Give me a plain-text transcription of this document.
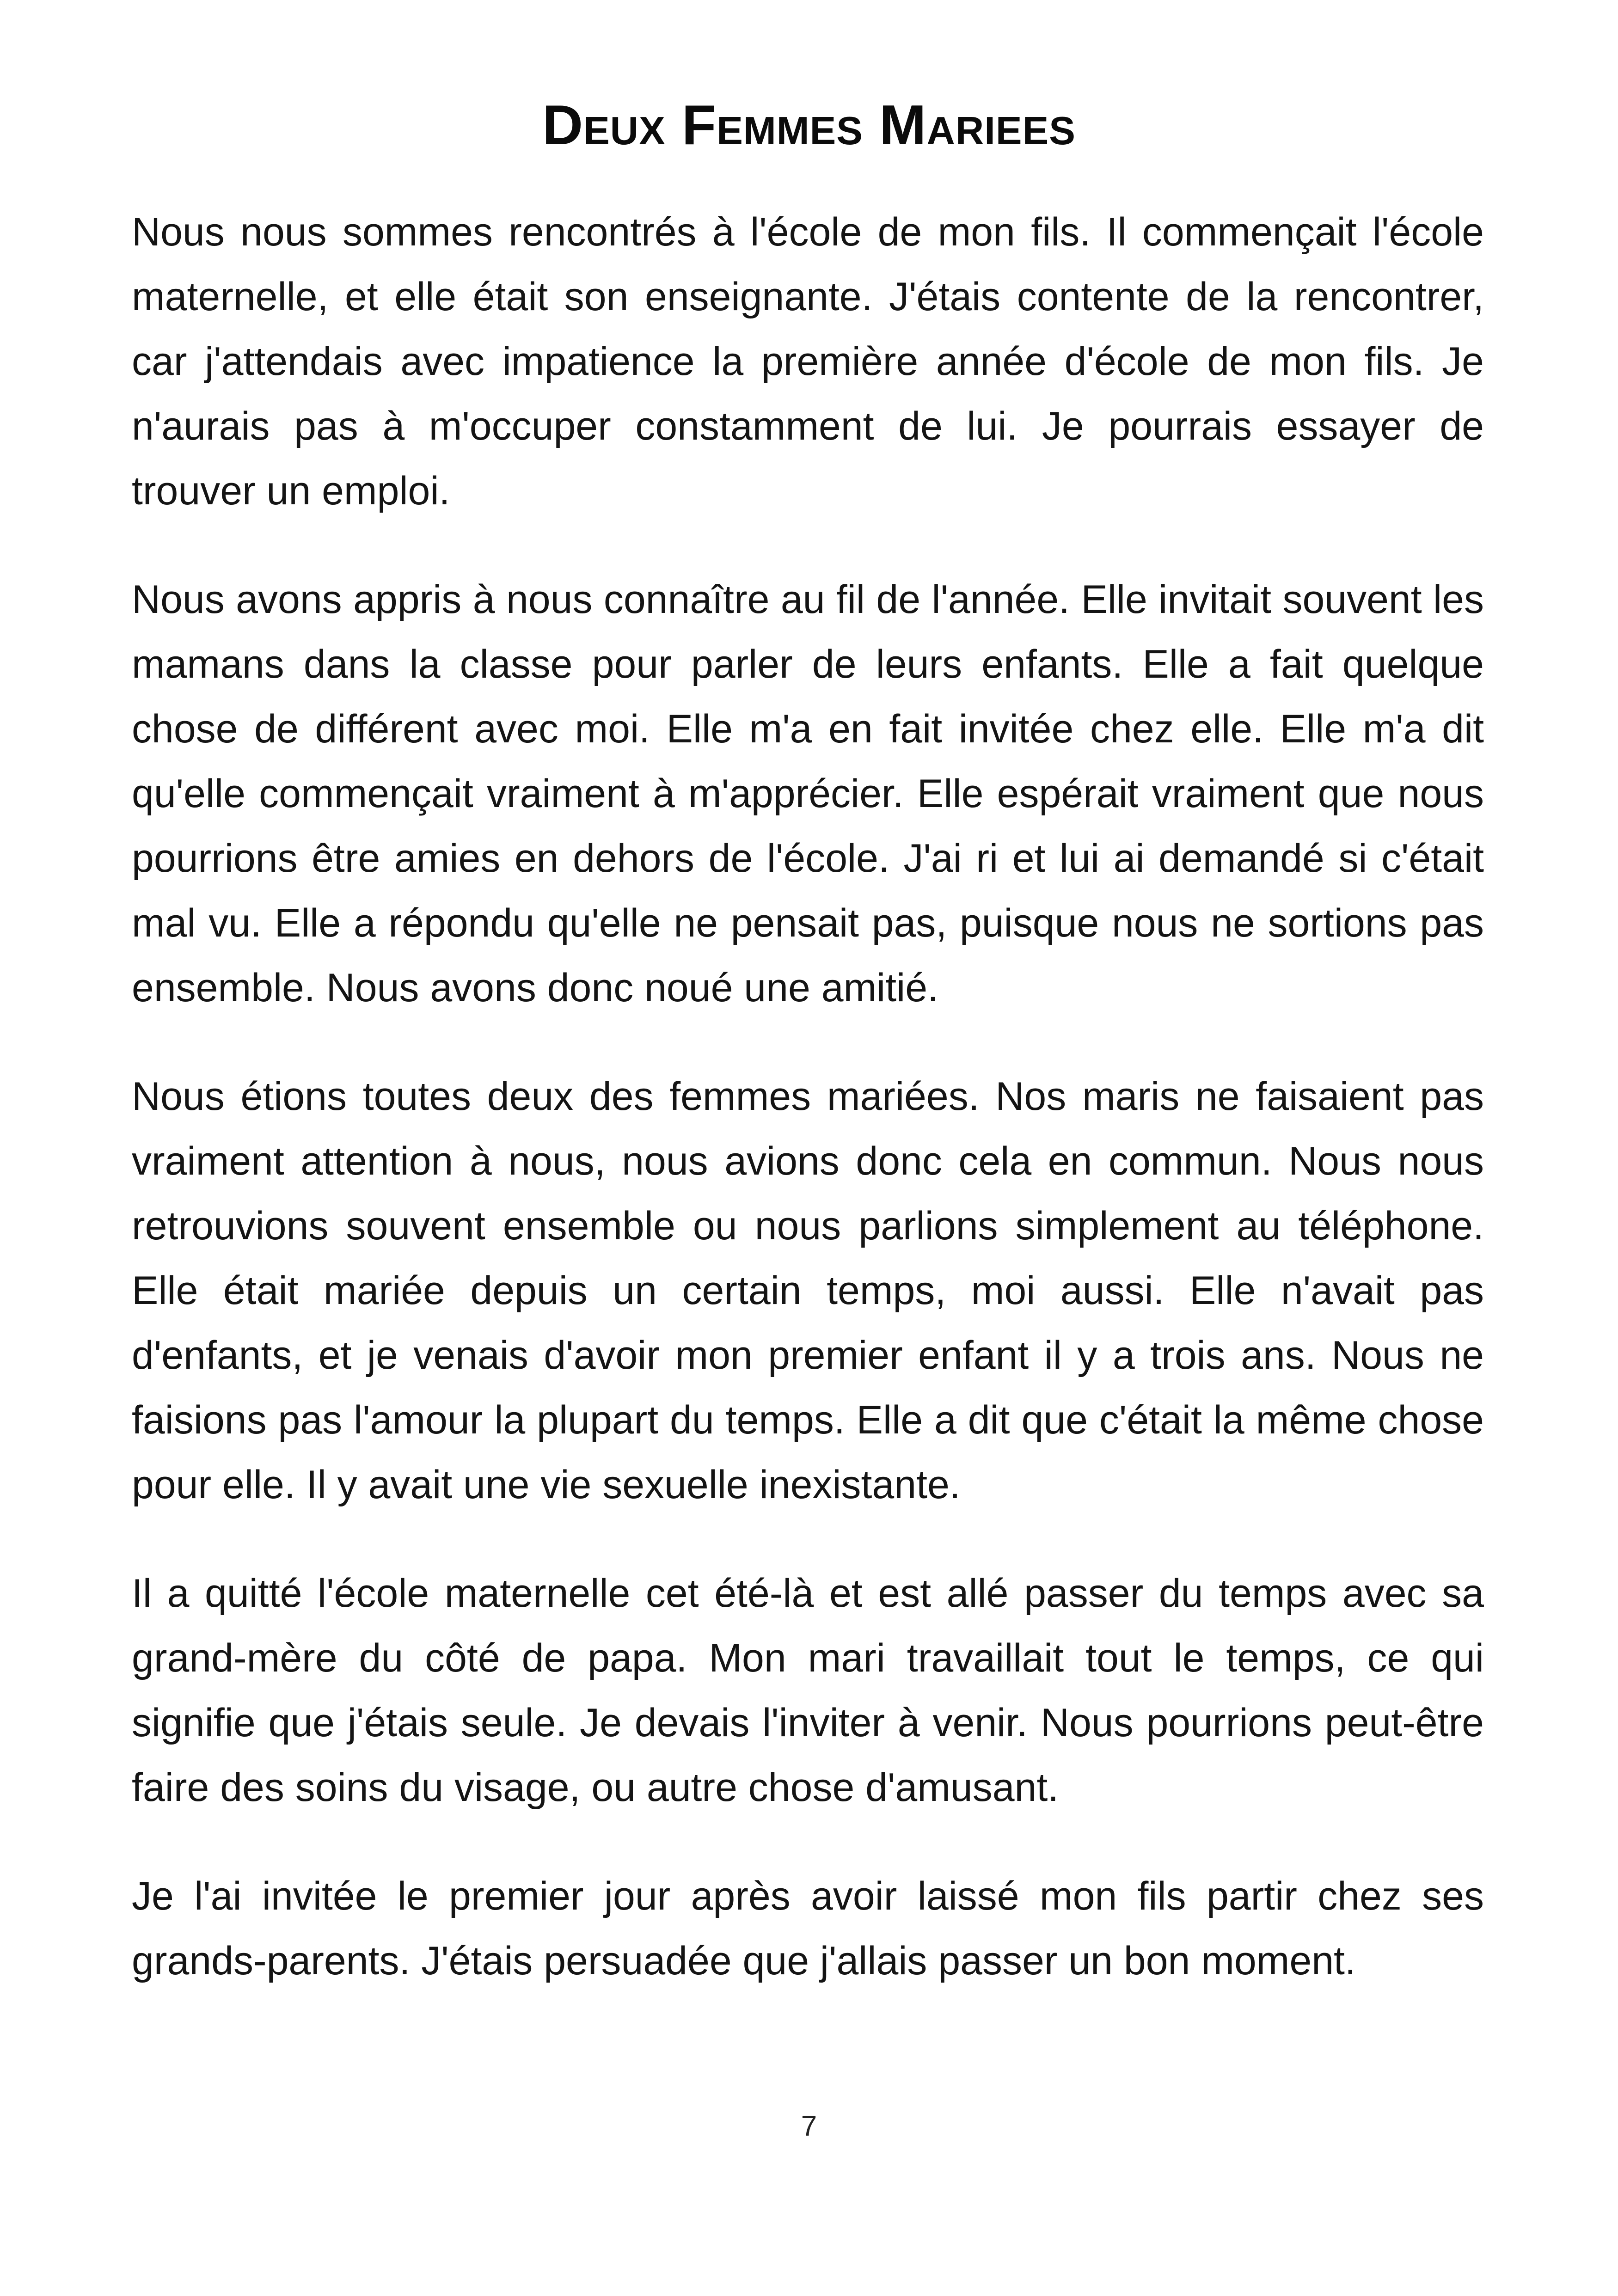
Deux Femmes Mariees

Nous nous sommes rencontrés à l'école de mon fils. Il commençait l'école maternelle, et elle était son enseignante. J'étais contente de la rencontrer, car j'attendais avec impatience la première année d'école de mon fils. Je n'aurais pas à m'occuper constamment de lui. Je pourrais essayer de trouver un emploi.

Nous avons appris à nous connaître au fil de l'année. Elle invitait souvent les mamans dans la classe pour parler de leurs enfants. Elle a fait quelque chose de différent avec moi. Elle m'a en fait invitée chez elle. Elle m'a dit qu'elle commençait vraiment à m'apprécier. Elle espérait vraiment que nous pourrions être amies en dehors de l'école. J'ai ri et lui ai demandé si c'était mal vu. Elle a répondu qu'elle ne pensait pas, puisque nous ne sortions pas ensemble. Nous avons donc noué une amitié.

Nous étions toutes deux des femmes mariées. Nos maris ne faisaient pas vraiment attention à nous, nous avions donc cela en commun. Nous nous retrouvions souvent ensemble ou nous parlions simplement au téléphone. Elle était mariée depuis un certain temps, moi aussi. Elle n'avait pas d'enfants, et je venais d'avoir mon premier enfant il y a trois ans. Nous ne faisions pas l'amour la plupart du temps. Elle a dit que c'était la même chose pour elle. Il y avait une vie sexuelle inexistante.

Il a quitté l'école maternelle cet été-là et est allé passer du temps avec sa grand-mère du côté de papa. Mon mari travaillait tout le temps, ce qui signifie que j'étais seule. Je devais l'inviter à venir. Nous pourrions peut-être faire des soins du visage, ou autre chose d'amusant.

Je l'ai invitée le premier jour après avoir laissé mon fils partir chez ses grands-parents. J'étais persuadée que j'allais passer un bon moment.

7
